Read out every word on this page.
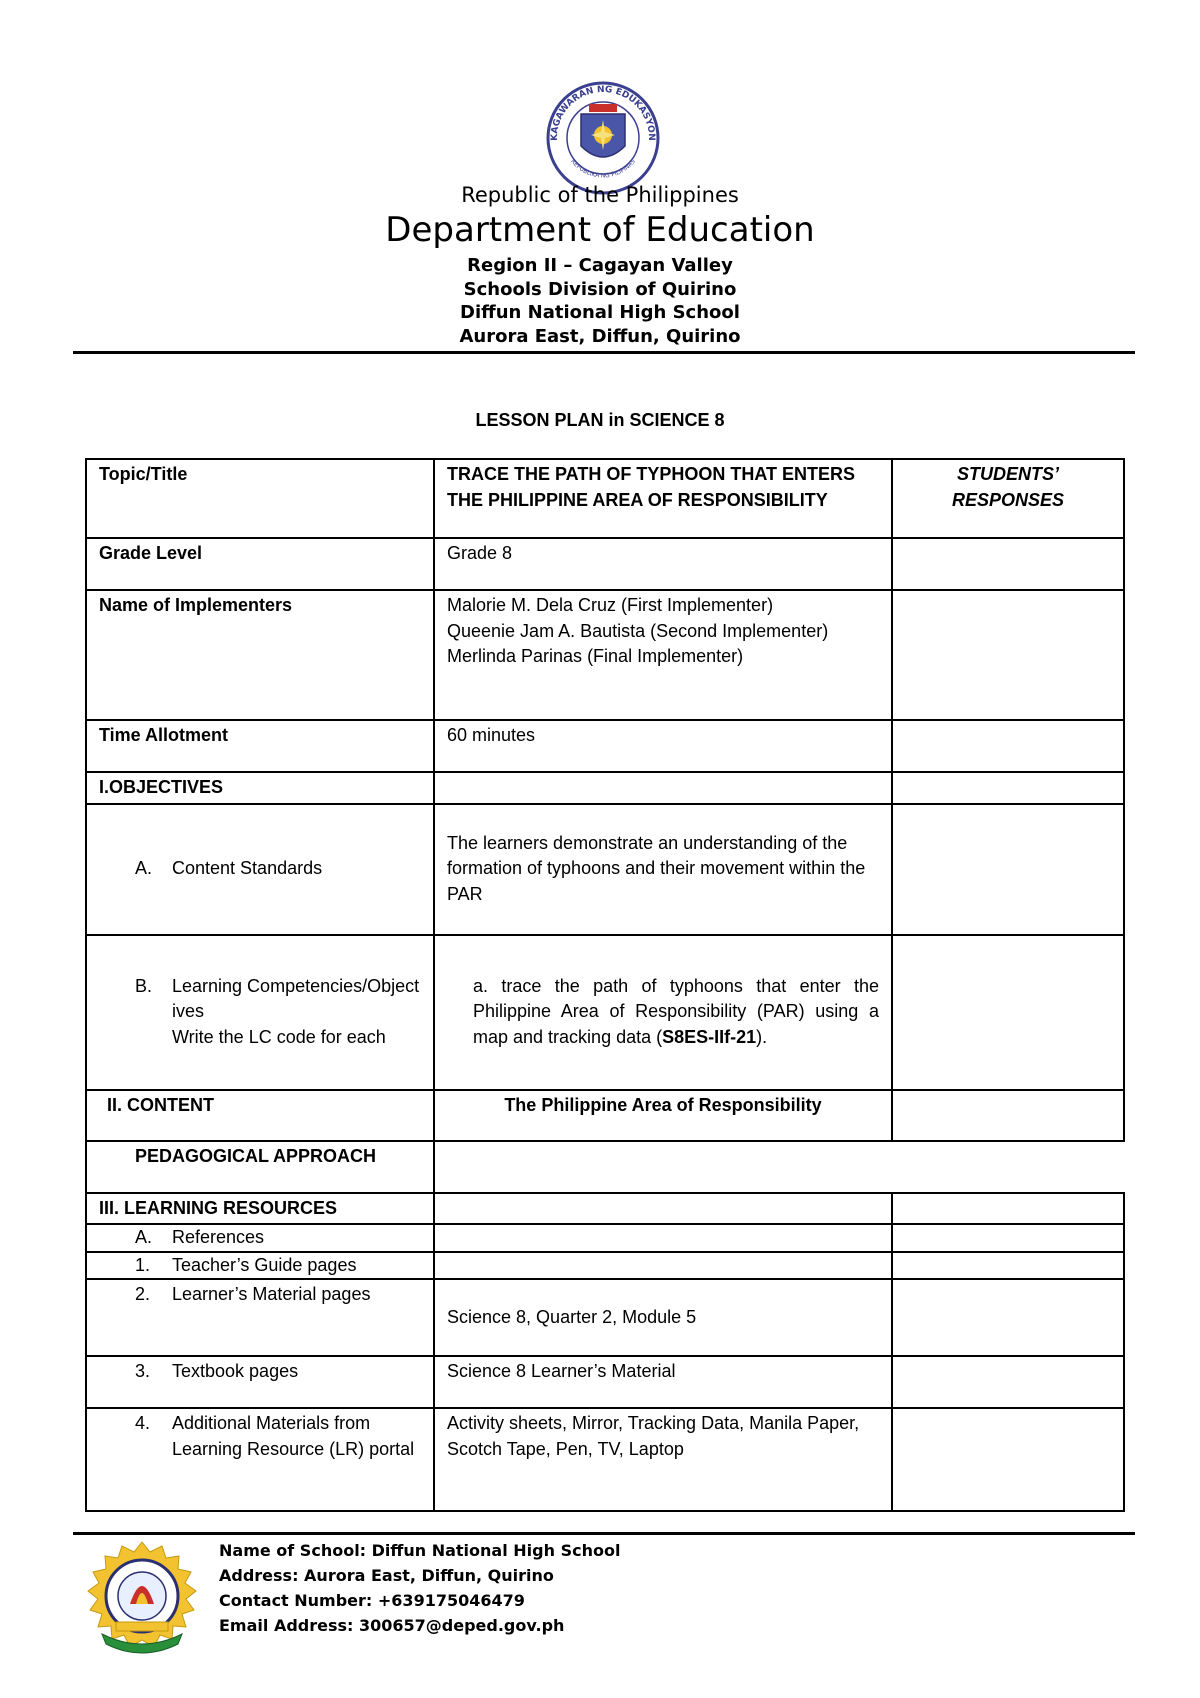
KAGAWARAN NG EDUKASYON
REPUBLIKA NG PILIPINAS
Republic of the Philippines
Department of Education
Region II – Cagayan Valley
Schools Division of Quirino
Diffun National High School
Aurora East, Diffun, Quirino
LESSON PLAN in SCIENCE 8
Topic/Title	TRACE THE PATH OF TYPHOON THAT ENTERS THE PHILIPPINE AREA OF RESPONSIBILITY	STUDENTS’ RESPONSES
Grade Level	Grade 8	
Name of Implementers	Malorie M. Dela Cruz (First Implementer)
Queenie Jam A. Bautista (Second Implementer)
Merlinda Parinas (Final Implementer)	

Time Allotment	60 minutes	
I.OBJECTIVES		

A. Content Standards	The learners demonstrate an understanding of the formation of typhoons and their movement within the PAR	

B. Learning Competencies/Objectives
Write the LC code for each	a. trace the path of typhoons that enter the Philippine Area of Responsibility (PAR) using a map and tracking data (S8ES-IIf-21).	
II. CONTENT	The Philippine Area of Responsibility	
PEDAGOGICAL APPROACH		
III. LEARNING RESOURCES		

A. References		

1. Teacher’s Guide pages		

2. Learner’s Material pages	Science 8, Quarter 2, Module 5	

3. Textbook pages	Science 8 Learner’s Material	

4. Additional Materials from Learning Resource (LR) portal	Activity sheets, Mirror, Tracking Data, Manila Paper, Scotch Tape, Pen, TV, Laptop	
Name of School: Diffun National High School
Address: Aurora East, Diffun, Quirino
Contact Number: +639175046479
Email Address: 300657@deped.gov.ph
